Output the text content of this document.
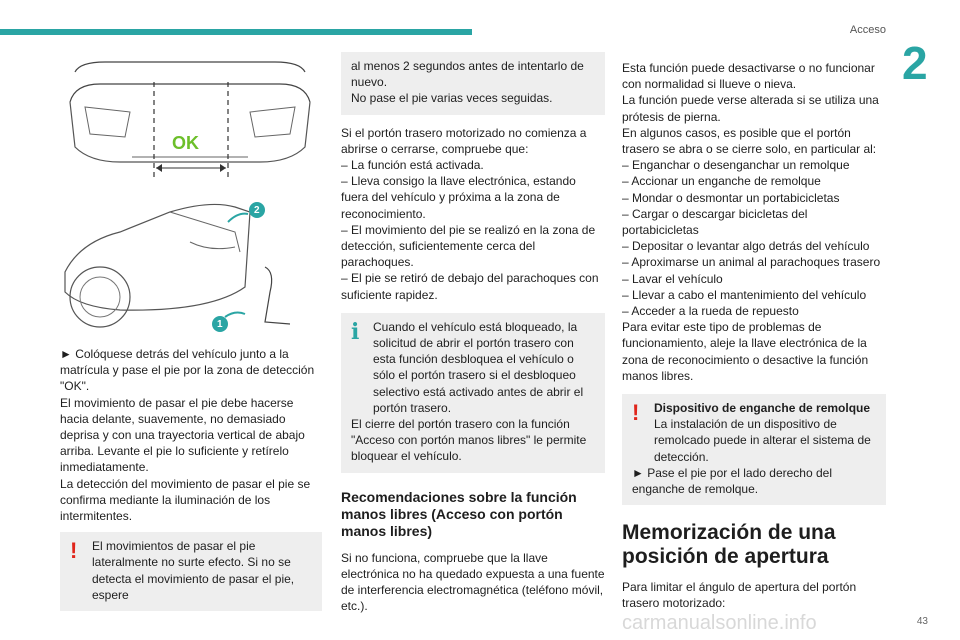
Acceso
2
OK
1
2

► Colóquese detrás del vehículo junto a la matrícula y pase el pie por la zona de detección "OK".

El movimiento de pasar el pie debe hacerse hacia delante, suavemente, no demasiado deprisa y con una trayectoria vertical de abajo arriba. Levante el pie lo suficiente y retírelo inmediatamente.

La detección del movimiento de pasar el pie se confirma mediante la iluminación de los intermitentes.

!	El movimientos de pasar el pie lateralmente no surte efecto. Si no se detecta el movimiento de pasar el pie, espere

al menos 2 segundos antes de intentarlo de nuevo.

No pase el pie varias veces seguidas.

Si el portón trasero motorizado no comienza a abrirse o cerrarse, compruebe que:

– La función está activada.

– Lleva consigo la llave electrónica, estando fuera del vehículo y próxima a la zona de reconocimiento.

– El movimiento del pie se realizó en la zona de detección, suficientemente cerca del parachoques.

– El pie se retiró de debajo del parachoques con suficiente rapidez.

i	Cuando el vehículo está bloqueado, la solicitud de abrir el portón trasero con esta función desbloquea el vehículo o sólo el portón trasero si el desbloqueo selectivo está activado antes de abrir el portón trasero.

El cierre del portón trasero con la función "Acceso con portón manos libres" le permite bloquear el vehículo.

Recomendaciones sobre la función manos libres (Acceso con portón manos libres)

Si no funciona, compruebe que la llave electrónica no ha quedado expuesta a una fuente de interferencia electromagnética (teléfono móvil, etc.).

Esta función puede desactivarse o no funcionar con normalidad si llueve o nieva.

La función puede verse alterada si se utiliza una prótesis de pierna.

En algunos casos, es posible que el portón trasero se abra o se cierre solo, en particular al:

– Enganchar o desenganchar un remolque

– Accionar un enganche de remolque

– Mondar o desmontar un portabicicletas

– Cargar o descargar bicicletas del portabicicletas

– Depositar o levantar algo detrás del vehículo

– Aproximarse un animal al parachoques trasero

– Lavar el vehículo

– Llevar a cabo el mantenimiento del vehículo

– Acceder a la rueda de repuesto

Para evitar este tipo de problemas de funcionamiento, aleje la llave electrónica de la zona de reconocimiento o desactive la función manos libres.

!	Dispositivo de enganche de remolque

La instalación de un dispositivo de remolcado puede in alterar el sistema de detección.

► Pase el pie por el lado derecho del enganche de remolque.

Memorización de una posición de apertura

Para limitar el ángulo de apertura del portón trasero motorizado:

carmanualsonline.info	43
